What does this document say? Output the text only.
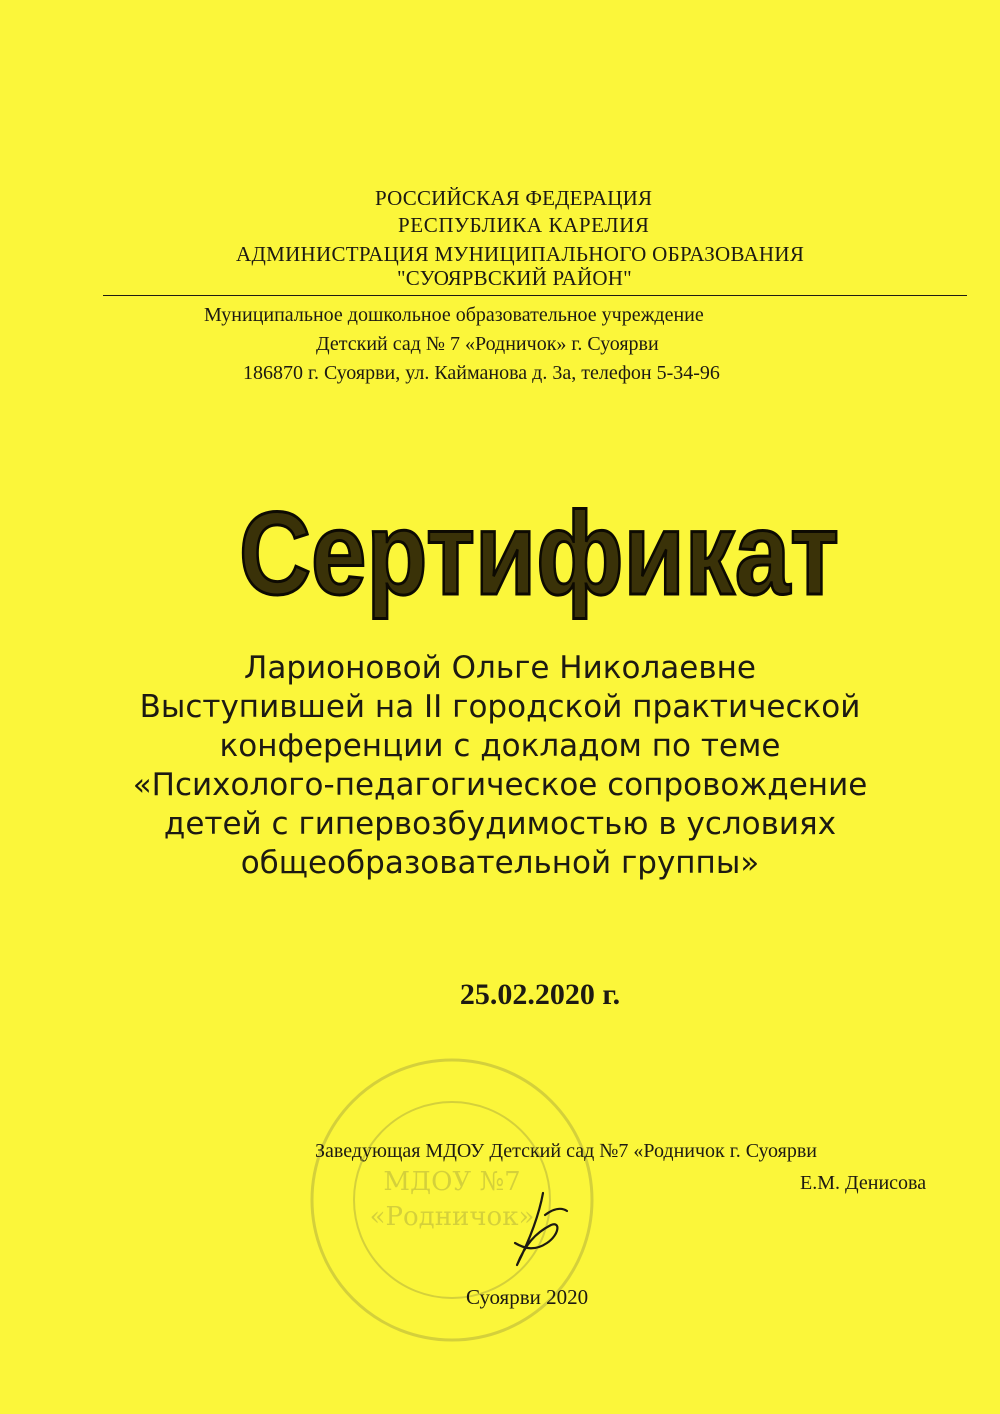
РОССИЙСКАЯ ФЕДЕРАЦИЯ
РЕСПУБЛИКА КАРЕЛИЯ
АДМИНИСТРАЦИЯ МУНИЦИПАЛЬНОГО ОБРАЗОВАНИЯ
"СУОЯРВСКИЙ РАЙОН"
Муниципальное дошкольное образовательное учреждение
Детский сад № 7 «Родничок» г. Суоярви
186870 г. Суоярви, ул. Кайманова д. 3а, телефон 5-34-96
Сертификат
Ларионовой Ольге Николаевне
Выступившей на II городской практической
конференции с докладом по теме
«Психолого-педагогическое сопровождение
детей с гипервозбудимостью в условиях
общеобразовательной группы»
25.02.2020 г.
МДОУ №7
«Родничок»
Заведующая МДОУ Детский сад №7 «Родничок г. Суоярви
Е.М. Денисова
Суоярви 2020
